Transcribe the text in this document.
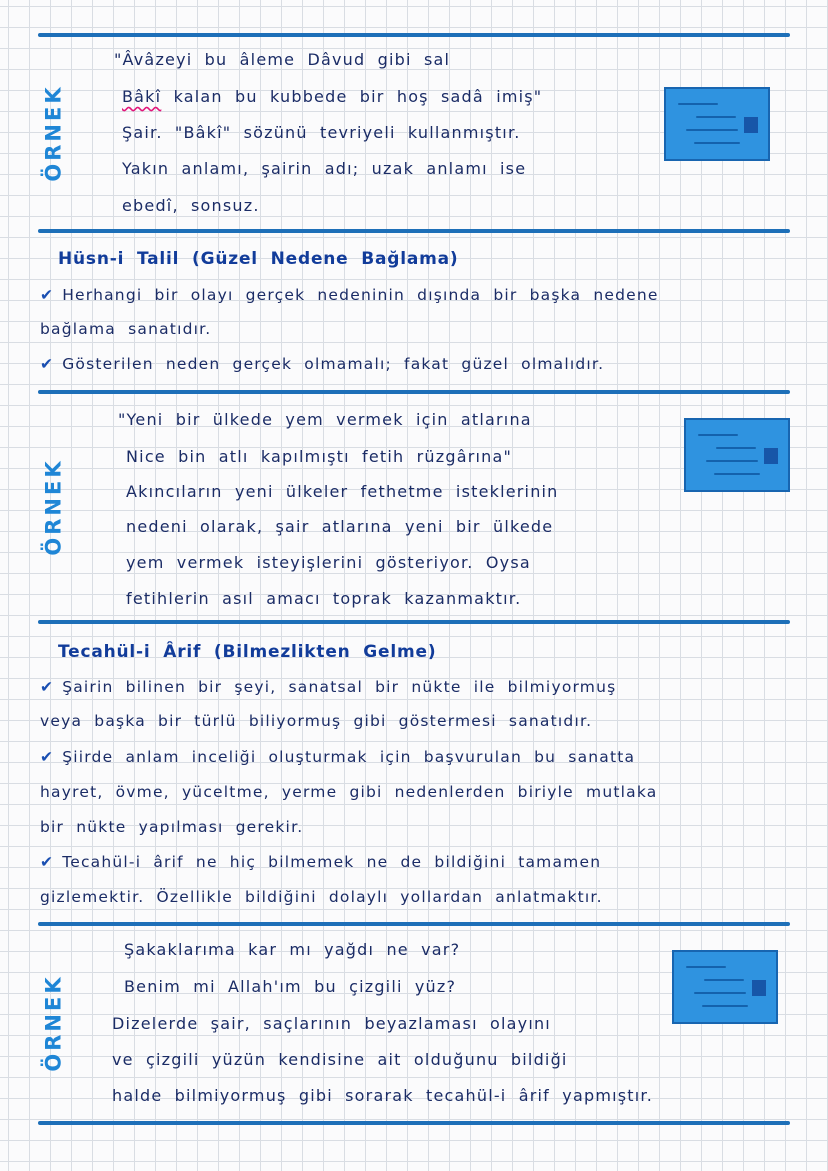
ÖRNEK
"Âvâzeyi bu âleme Dâvud gibi sal
Bâkî kalan bu kubbede bir hoş sadâ imiş"
Şair. "Bâkî" sözünü tevriyeli kullanmıştır.
Yakın anlamı, şairin adı; uzak anlamı ise
ebedî, sonsuz.
Hüsn-i Talil (Güzel Nedene Bağlama)
✔ Herhangi bir olayı gerçek nedeninin dışında bir başka nedene
bağlama sanatıdır.
✔ Gösterilen neden gerçek olmamalı; fakat güzel olmalıdır.
ÖRNEK
"Yeni bir ülkede yem vermek için atlarına
Nice bin atlı kapılmıştı fetih rüzgârına"
Akıncıların yeni ülkeler fethetme isteklerinin
nedeni olarak, şair atlarına yeni bir ülkede
yem vermek isteyişlerini gösteriyor. Oysa
fetihlerin asıl amacı toprak kazanmaktır.
Tecahül-i Ârif (Bilmezlikten Gelme)
✔ Şairin bilinen bir şeyi, sanatsal bir nükte ile bilmiyormuş
veya başka bir türlü biliyormuş gibi göstermesi sanatıdır.
✔ Şiirde anlam inceliği oluşturmak için başvurulan bu sanatta
hayret, övme, yüceltme, yerme gibi nedenlerden biriyle mutlaka
bir nükte yapılması gerekir.
✔ Tecahül-i ârif ne hiç bilmemek ne de bildiğini tamamen
gizlemektir. Özellikle bildiğini dolaylı yollardan anlatmaktır.
ÖRNEK
Şakaklarıma kar mı yağdı ne var?
Benim mi Allah'ım bu çizgili yüz?
Dizelerde şair, saçlarının beyazlaması olayını
ve çizgili yüzün kendisine ait olduğunu bildiği
halde bilmiyormuş gibi sorarak tecahül-i ârif yapmıştır.
